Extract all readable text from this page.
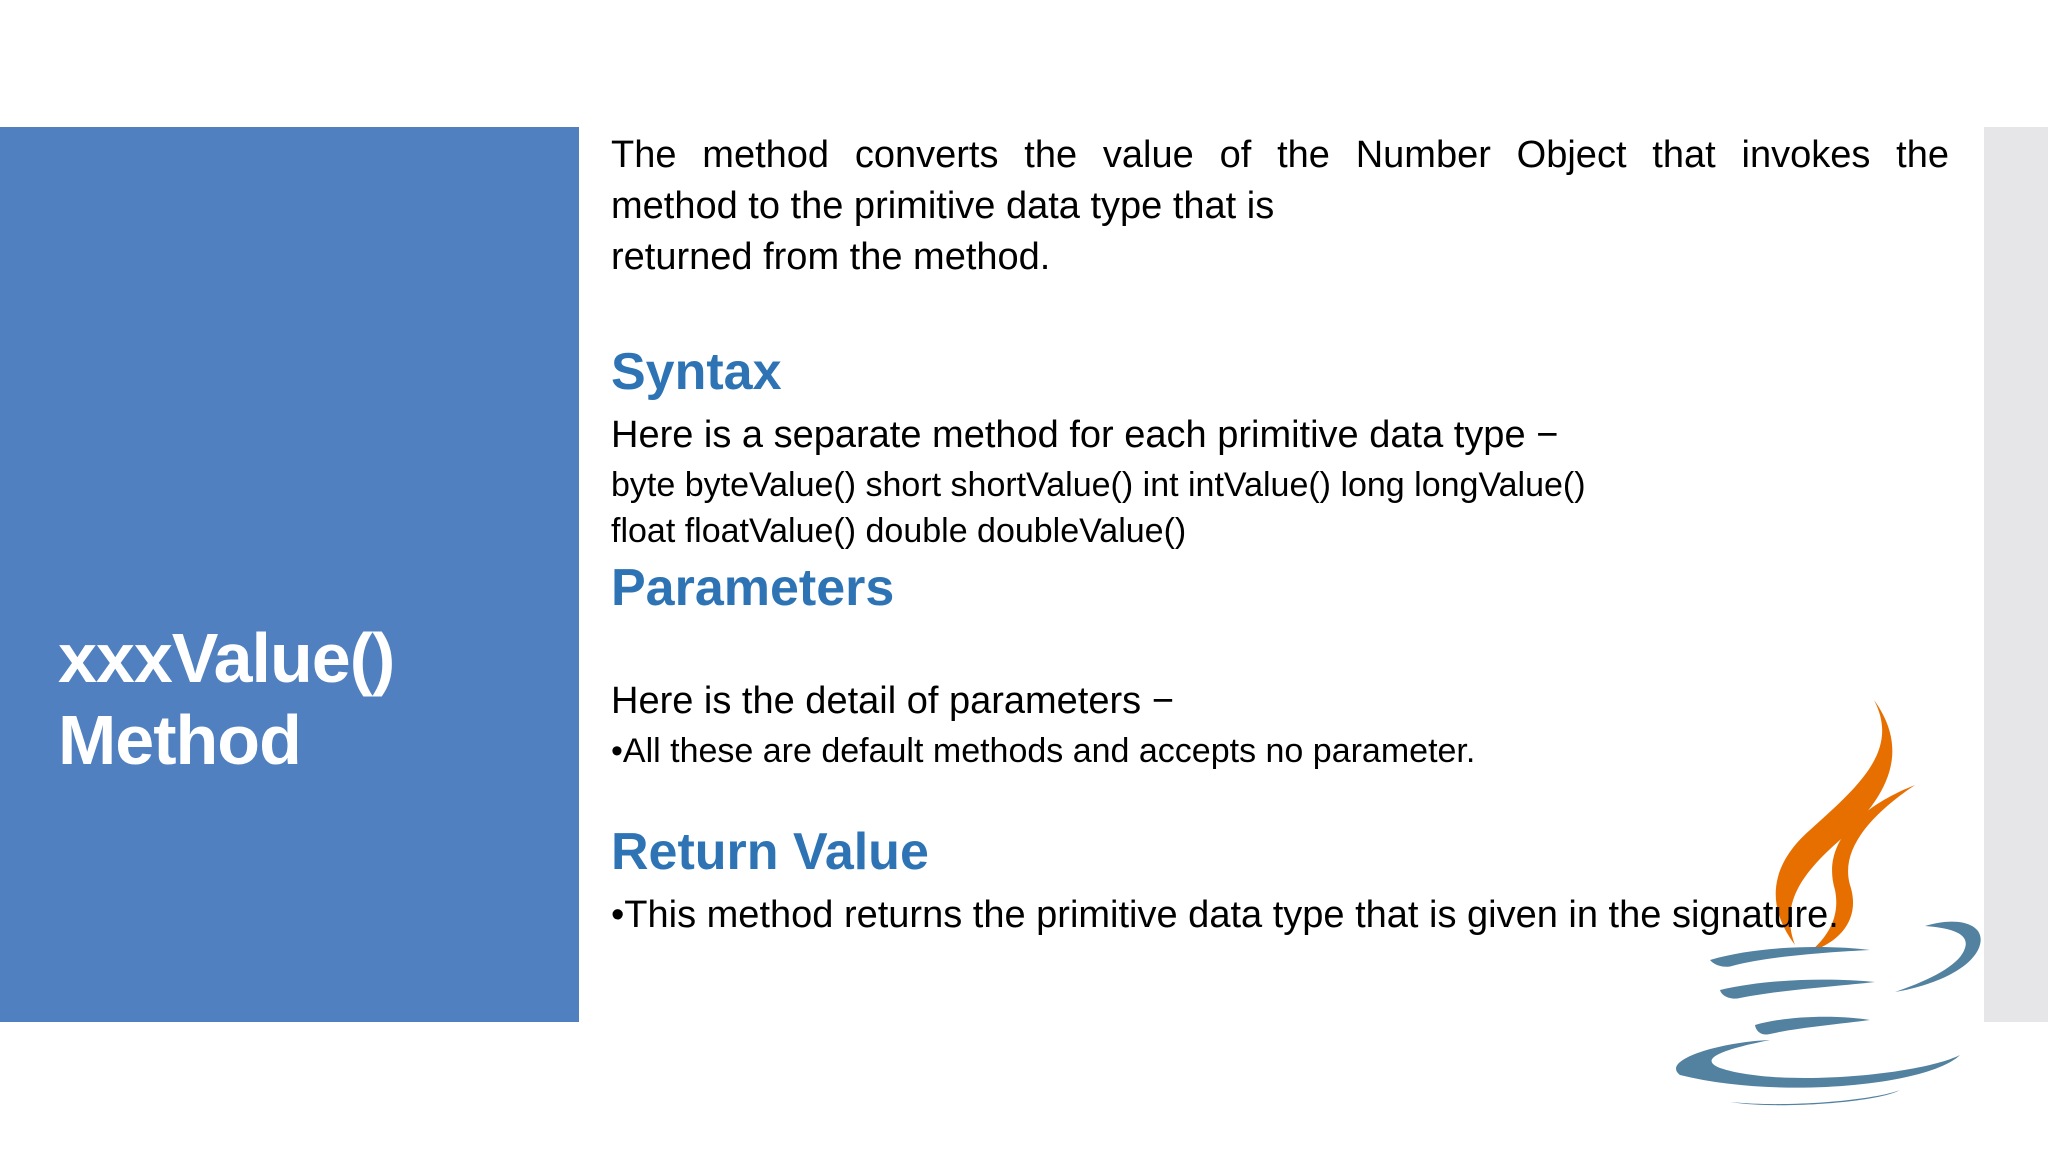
xxxValue()
Method

The method converts the value of the Number Object that invokes the
method to the primitive data type that is
returned from the method.

Syntax
Here is a separate method for each primitive data type −
byte byteValue() short shortValue() int intValue() long longValue()
float floatValue() double doubleValue()
Parameters
Here is the detail of parameters −
•All these are default methods and accepts no parameter.
Return Value
•This method returns the primitive data type that is given in the signature.
